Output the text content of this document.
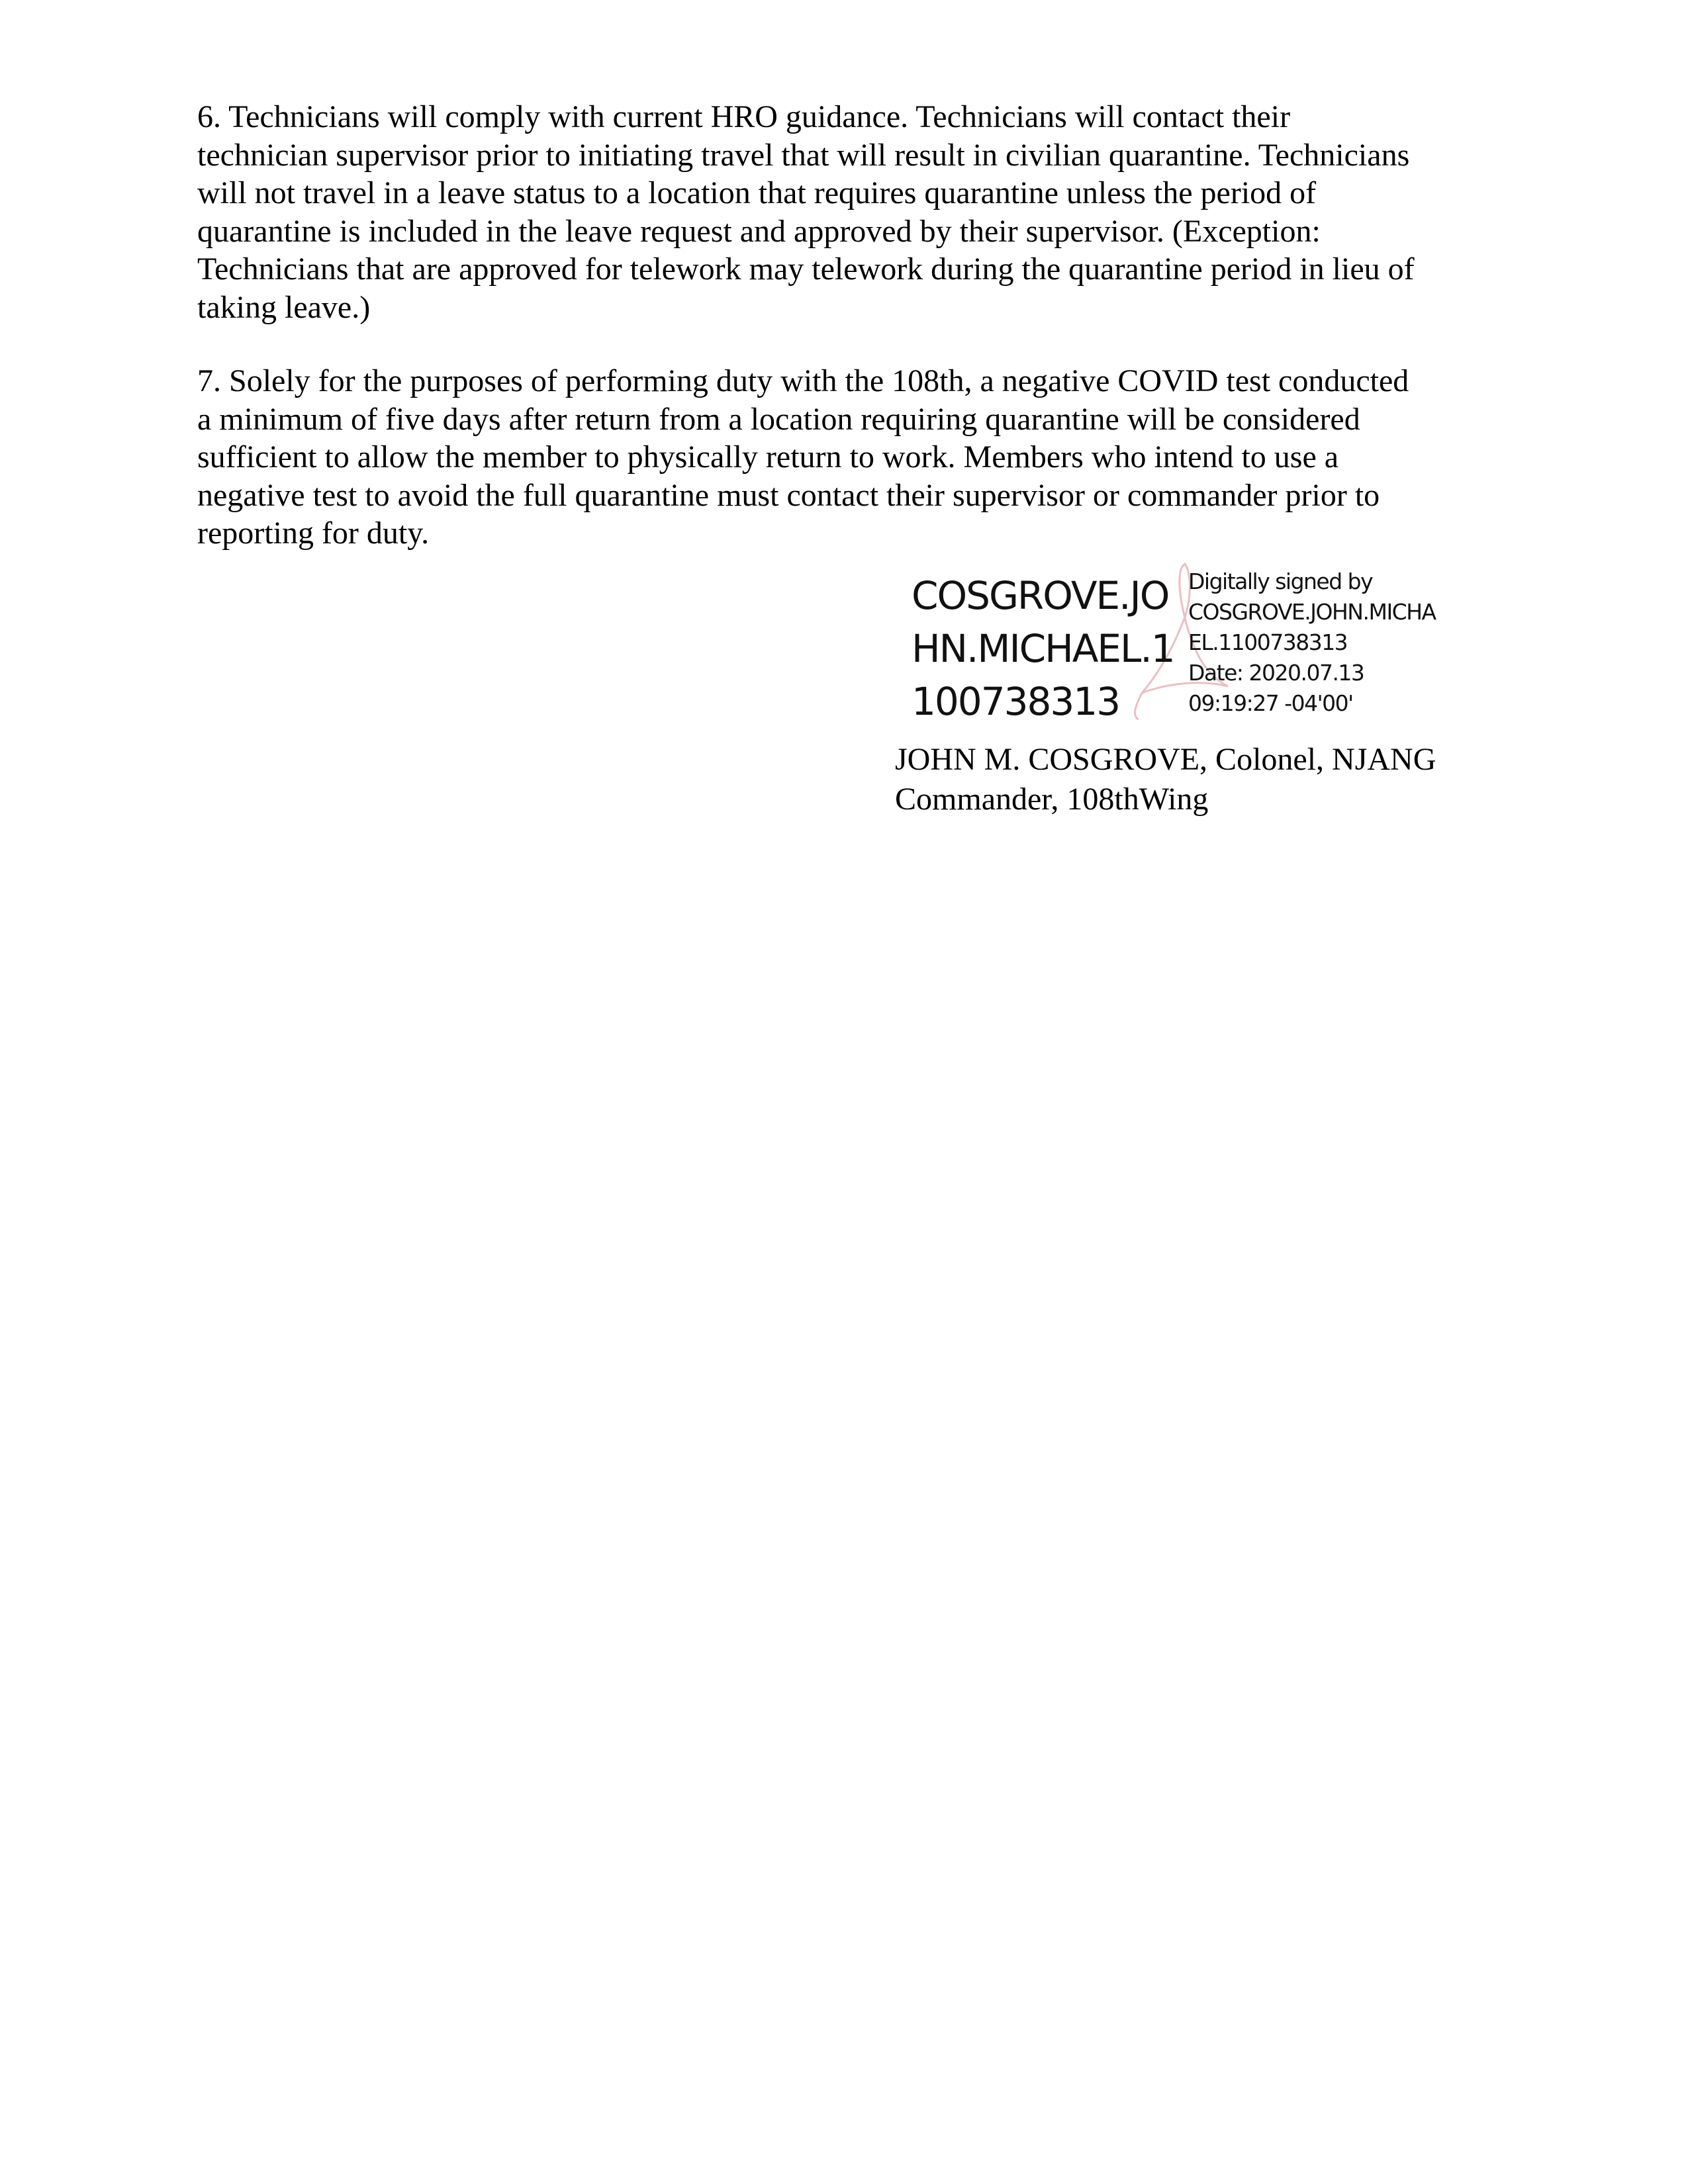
6. Technicians will comply with current HRO guidance. Technicians will contact their
technician supervisor prior to initiating travel that will result in civilian quarantine. Technicians
will not travel in a leave status to a location that requires quarantine unless the period of
quarantine is included in the leave request and approved by their supervisor. (Exception:
Technicians that are approved for telework may telework during the quarantine period in lieu of
taking leave.)
7. Solely for the purposes of performing duty with the 108th, a negative COVID test conducted
a minimum of five days after return from a location requiring quarantine will be considered
sufficient to allow the member to physically return to work. Members who intend to use a
negative test to avoid the full quarantine must contact their supervisor or commander prior to
reporting for duty.
COSGROVE.JO
HN.MICHAEL.1
100738313
Digitally signed by
COSGROVE.JOHN.MICHA
EL.1100738313
Date: 2020.07.13
09:19:27 -04'00'
JOHN M. COSGROVE, Colonel, NJANG
Commander, 108thWing
